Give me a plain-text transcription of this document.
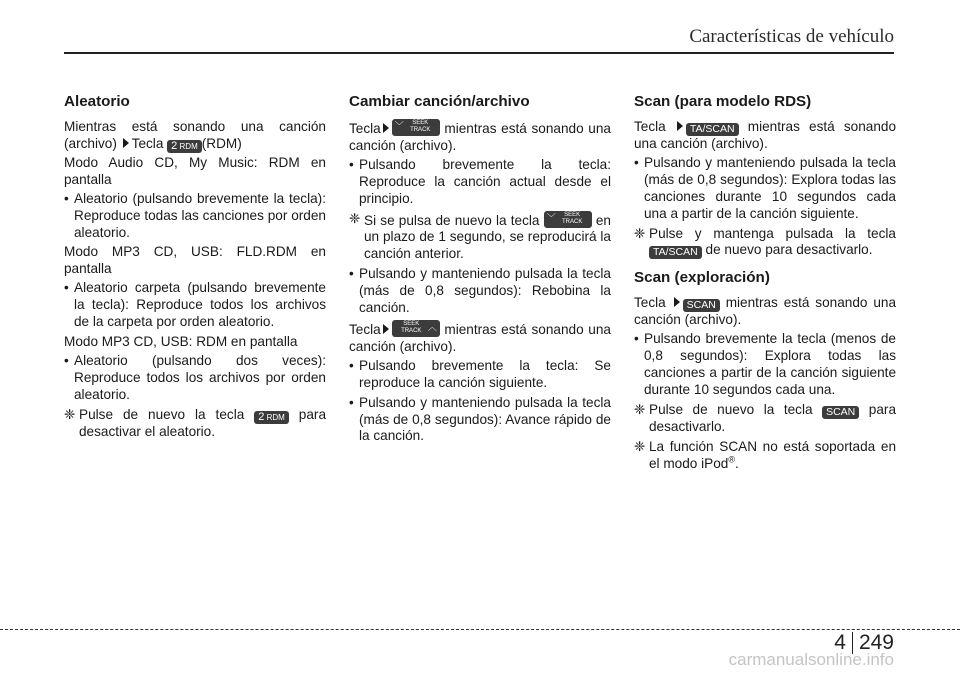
Características de vehículo
Aleatorio

Mientras está sonando una canción (archivo) Tecla 2 RDM (RDM)

Modo Audio CD, My Music: RDM en pantalla

• Aleatorio (pulsando brevemente la tecla): Reproduce todas las canciones por orden aleatorio.

Modo MP3 CD, USB: FLD.RDM en pantalla

• Aleatorio carpeta (pulsando brevemente la tecla): Reproduce todos los archivos de la carpeta por orden aleatorio.

Modo MP3 CD, USB: RDM en pantalla

• Aleatorio (pulsando dos veces): Reproduce todos los archivos por orden aleatorio.
❈ Pulse de nuevo la tecla 2 RDM para desactivar el aleatorio.
Cambiar canción/archivo

Tecla ﹀	SEEK
TRACK	mientras está sonando una canción (archivo).

• Pulsando brevemente la tecla: Reproduce la canción actual desde el principio.
❈ Si se pulsa de nuevo la tecla ﹀	SEEK
TRACK en un plazo de 1 segundo, se reproducirá la canción anterior.
• Pulsando y manteniendo pulsada la tecla (más de 0,8 segundos): Rebobina la canción.

Tecla	SEEK
TRACK ︿ mientras está sonando una canción (archivo).

• Pulsando brevemente la tecla: Se reproduce la canción siguiente.
• Pulsando y manteniendo pulsada la tecla (más de 0,8 segundos): Avance rápido de la canción.
Scan (para modelo RDS)

Tecla TA/SCAN mientras está sonando una canción (archivo).

• Pulsando y manteniendo pulsada la tecla (más de 0,8 segundos): Explora todas las canciones durante 10 segundos cada una a partir de la canción siguiente.
❈ Pulse y mantenga pulsada la tecla TA/SCAN de nuevo para desactivarlo.
Scan (exploración)

Tecla SCAN mientras está sonando una canción (archivo).

• Pulsando brevemente la tecla (menos de 0,8 segundos): Explora todas las canciones a partir de la canción siguiente durante 10 segundos cada una.
❈ Pulse de nuevo la tecla SCAN para desactivarlo.
❈ La función SCAN no está soportada en el modo iPod®.
4 249
carmanualsonline.info
